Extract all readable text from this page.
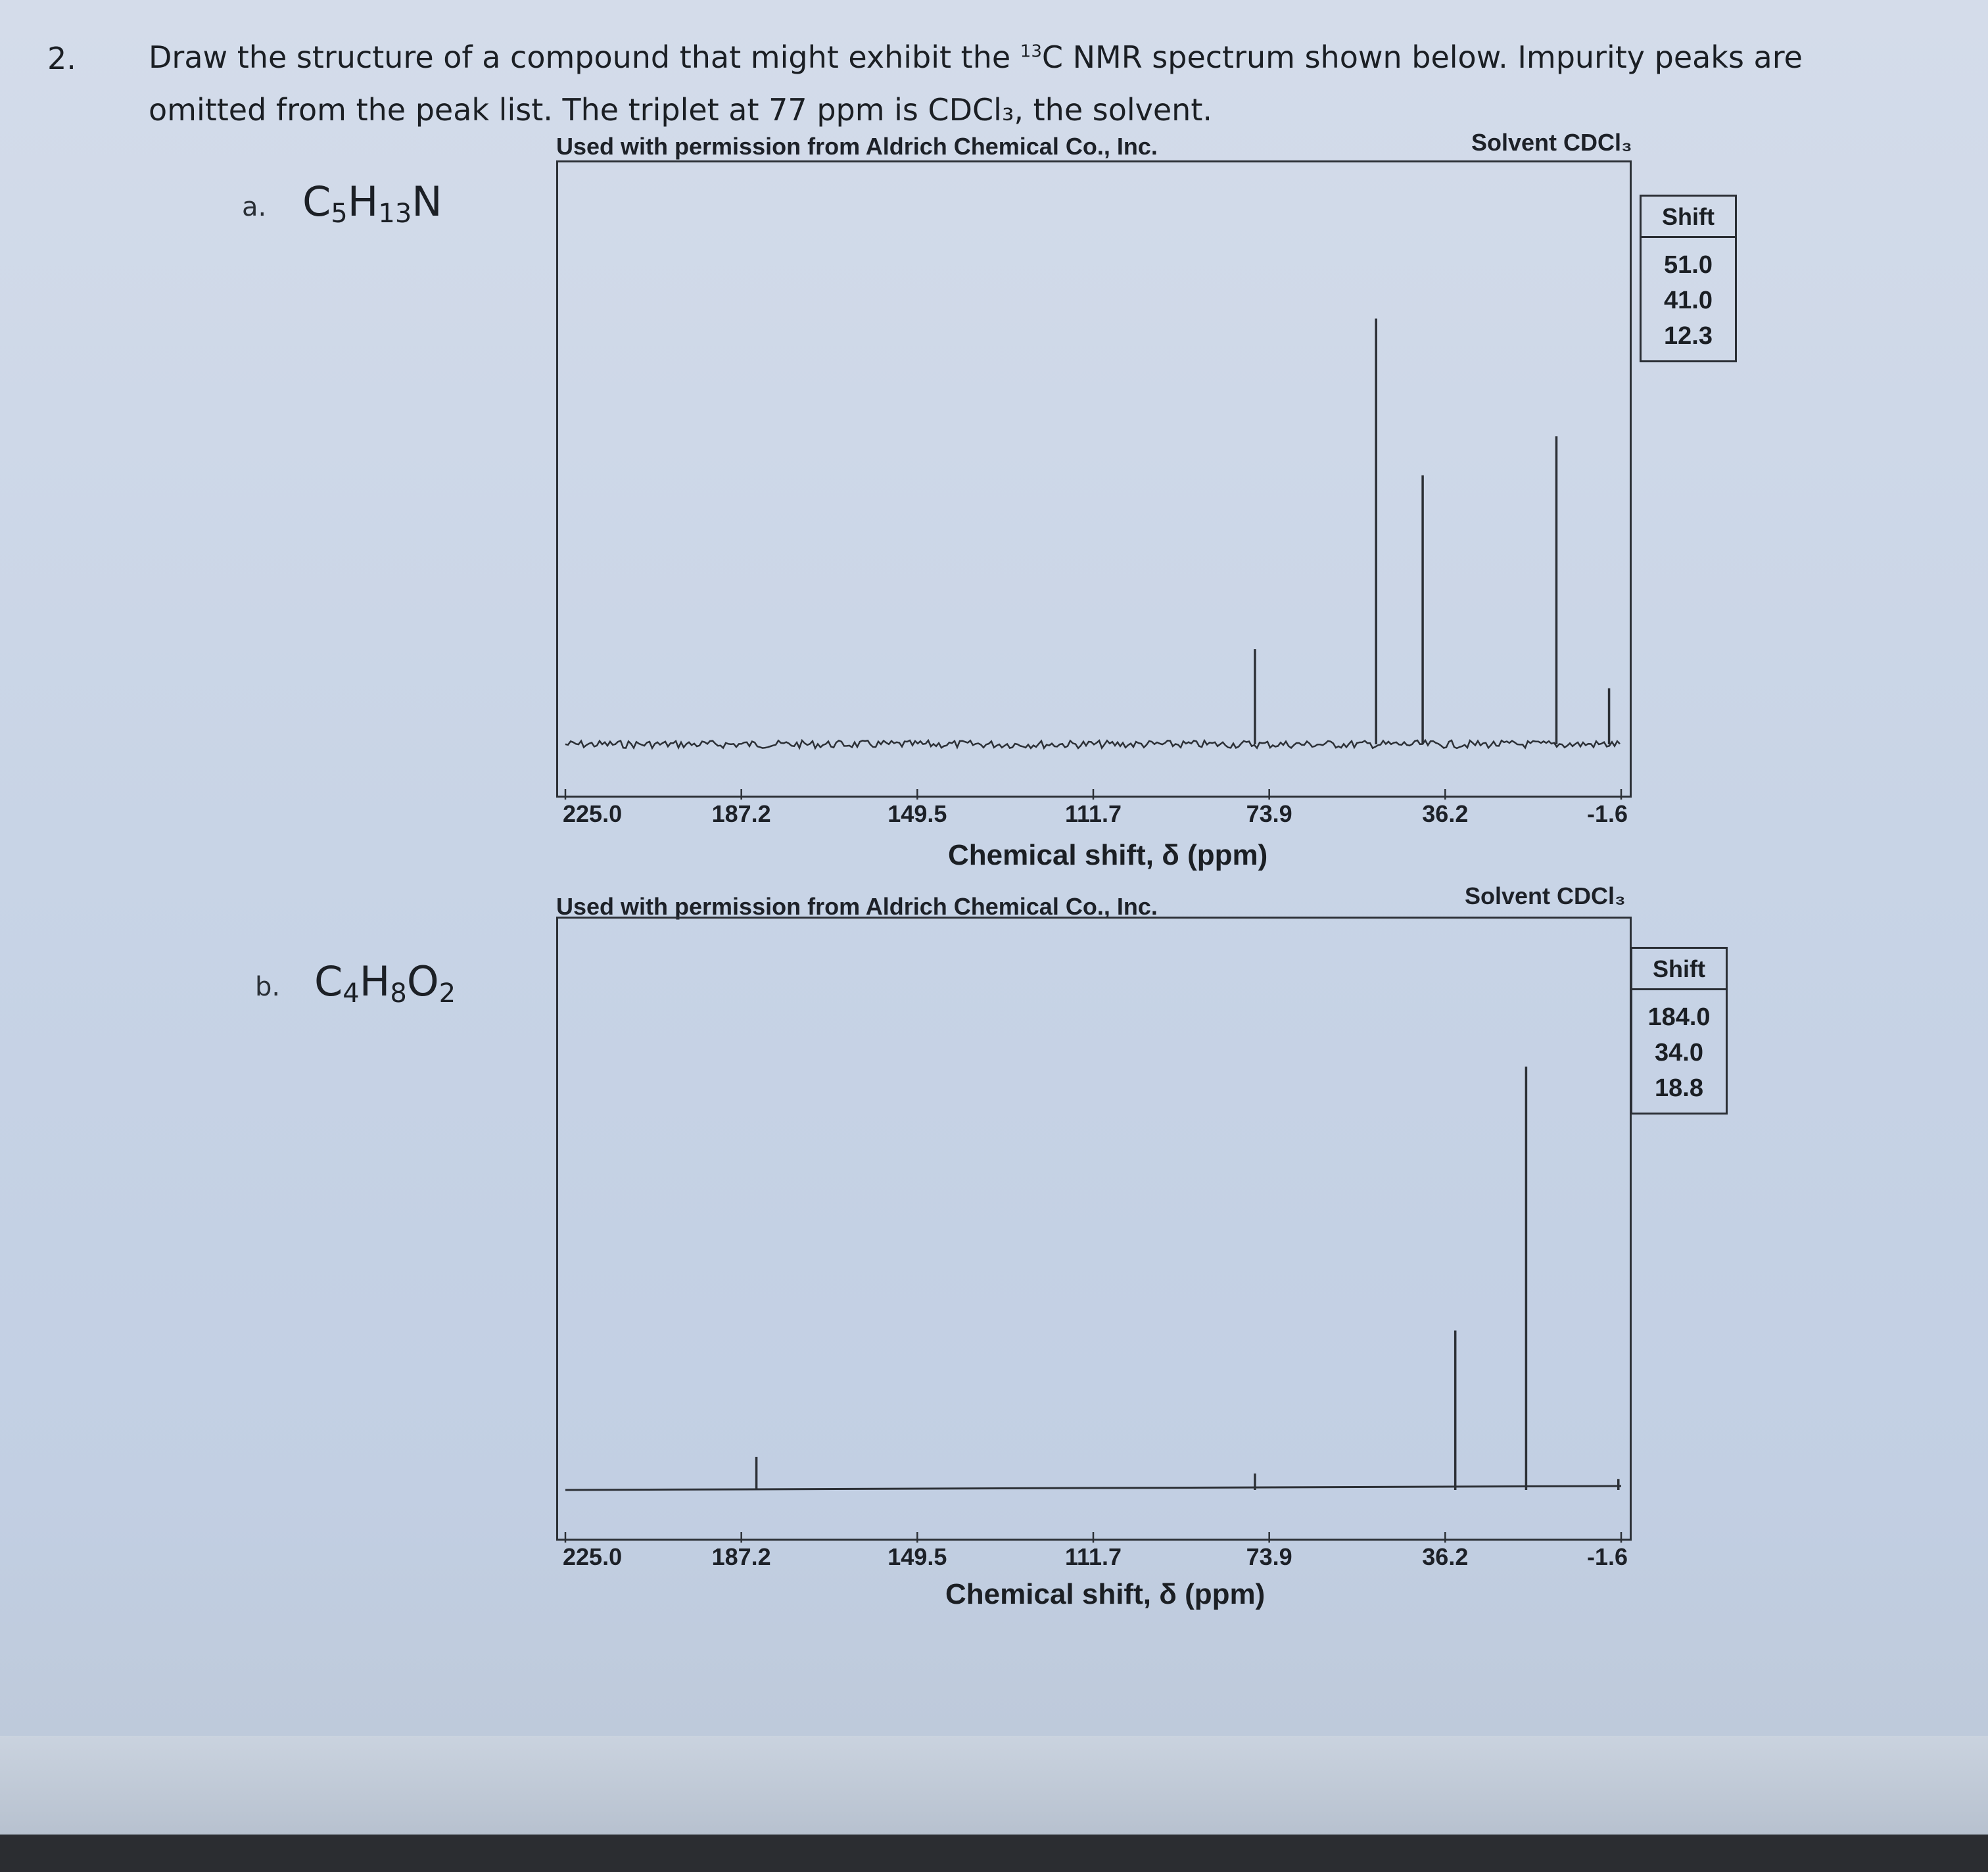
2. Draw the structure of a compound that might exhibit the $^{13}$C NMR spectrum shown below. Impurity peaks are
omitted from the peak list. The triplet at 77 ppm is CDCl₃, the solvent.
a. $C_5H_{13}N$
b. $C_4H_8O_2$
Used with permission from Aldrich Chemical Co., Inc.	Solvent CDCl₃
225.0	187.2	149.5	111.7	73.9	36.2	-1.6
Chemical shift, δ (ppm)
Shift
51.0
41.0
12.3
Used with permission from Aldrich Chemical Co., Inc.	Solvent CDCl₃
225.0	187.2	149.5	111.7	73.9	36.2	-1.6
Chemical shift, δ (ppm)
Shift
184.0
34.0
18.8
